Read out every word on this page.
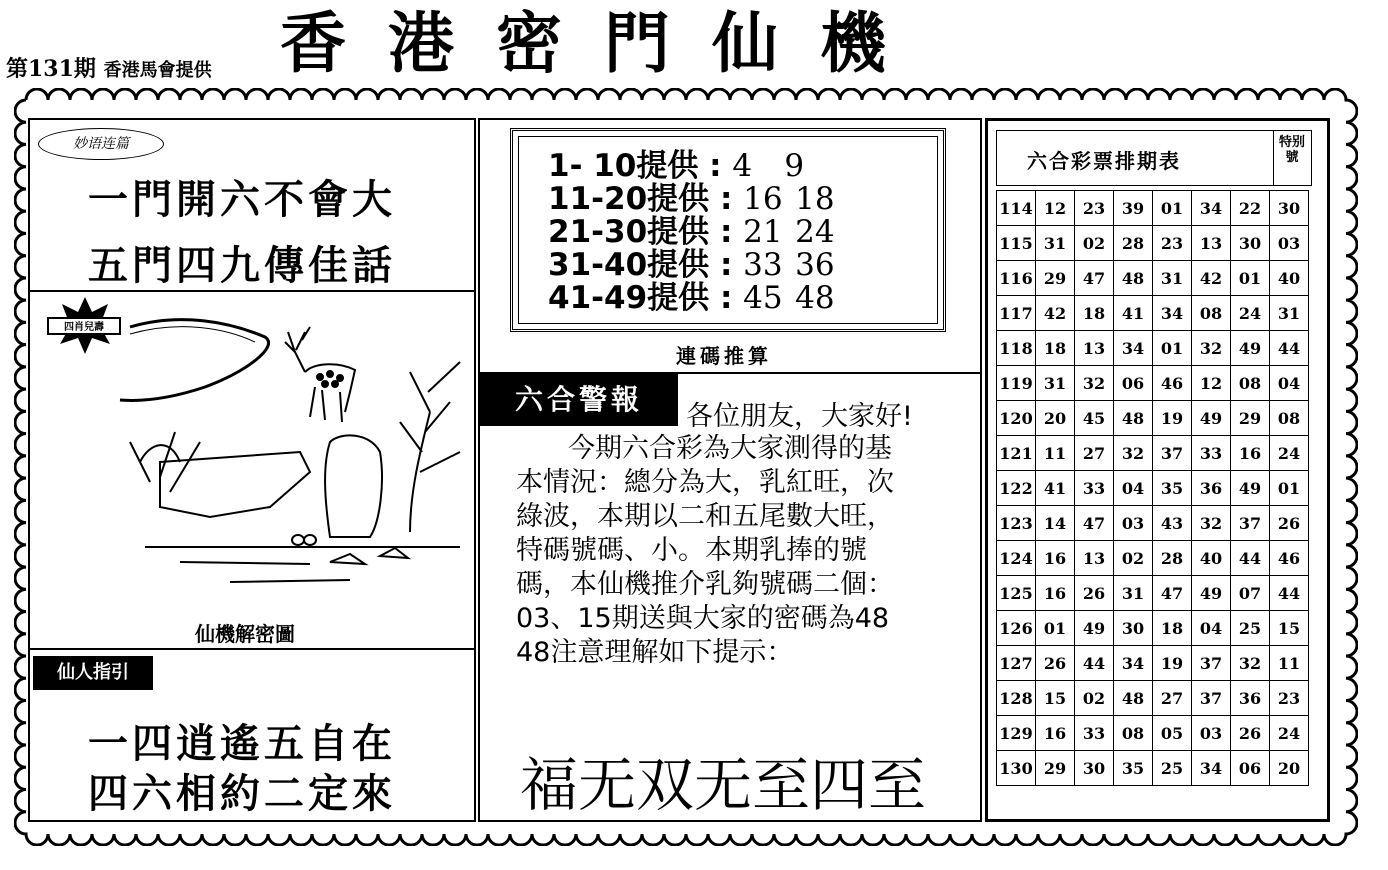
第131期 香港馬會提供 香港密門仙機
妙语连篇
一門開六不會大
五門四九傳佳話
四肖兒壽
仙機解密圖
仙人指引
一四逍遙五自在
四六相約二定來
1- 10提供 : 4 9
11-20提供 : 16 18
21-30提供 : 21 24
31-40提供 : 33 36
41-49提供 : 45 48
連碼推算
六合警報
各位朋友，大家好!
今期六合彩為大家測得的基
本情況：總分為大，乳紅旺，次
綠波，本期以二和五尾數大旺，
特碼號碼、小。本期乳捧的號
碼，本仙機推介乳夠號碼二個：
03、15期送與大家的密碼為48
48注意理解如下提示：
福无双无至四至
六合彩票排期表
特别號
114	12	23	39	01	34	22	30
115	31	02	28	23	13	30	03
116	29	47	48	31	42	01	40
117	42	18	41	34	08	24	31
118	18	13	34	01	32	49	44
119	31	32	06	46	12	08	04
120	20	45	48	19	49	29	08
121	11	27	32	37	33	16	24
122	41	33	04	35	36	49	01
123	14	47	03	43	32	37	26
124	16	13	02	28	40	44	46
125	16	26	31	47	49	07	44
126	01	49	30	18	04	25	15
127	26	44	34	19	37	32	11
128	15	02	48	27	37	36	23
129	16	33	08	05	03	26	24
130	29	30	35	25	34	06	20
